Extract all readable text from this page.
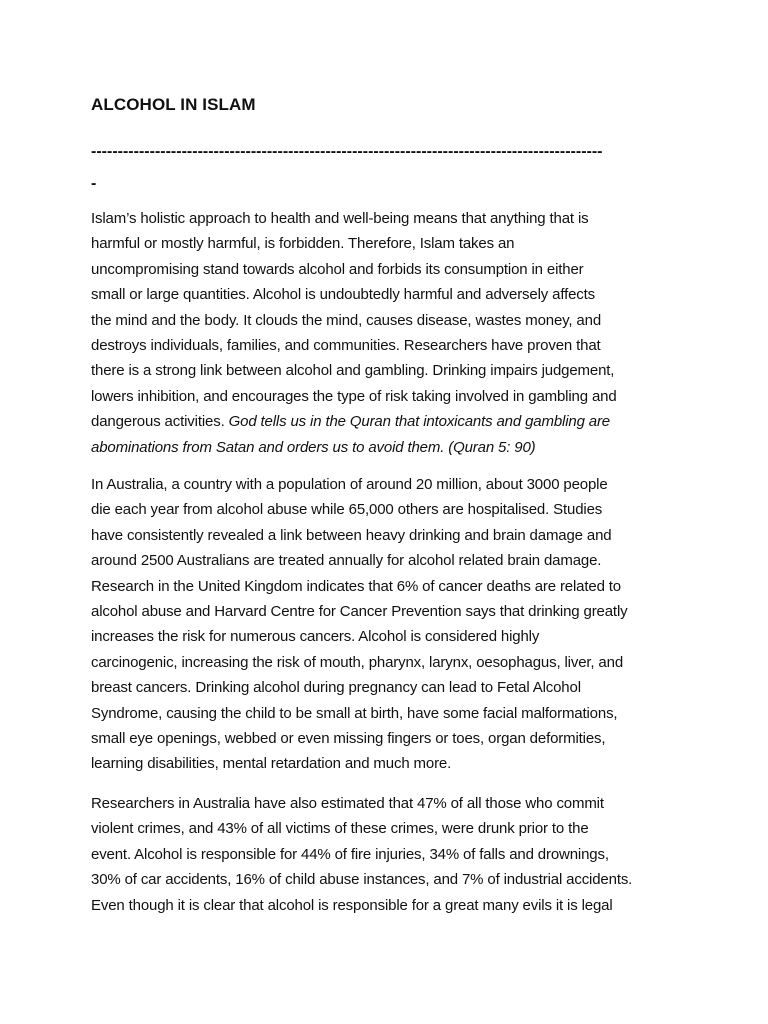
ALCOHOL IN ISLAM
------------------------------------------------------------------------------------------------
-

Islam’s holistic approach to health and well-being means that anything that is
harmful or mostly harmful, is forbidden. Therefore, Islam takes an
uncompromising stand towards alcohol and forbids its consumption in either
small or large quantities. Alcohol is undoubtedly harmful and adversely affects
the mind and the body. It clouds the mind, causes disease, wastes money, and
destroys individuals, families, and communities. Researchers have proven that
there is a strong link between alcohol and gambling. Drinking impairs judgement,
lowers inhibition, and encourages the type of risk taking involved in gambling and
dangerous activities. God tells us in the Quran that intoxicants and gambling are
abominations from Satan and orders us to avoid them. (Quran 5: 90)

In Australia, a country with a population of around 20 million, about 3000 people
die each year from alcohol abuse while 65,000 others are hospitalised. Studies
have consistently revealed a link between heavy drinking and brain damage and
around 2500 Australians are treated annually for alcohol related brain damage.
Research in the United Kingdom indicates that 6% of cancer deaths are related to
alcohol abuse and Harvard Centre for Cancer Prevention says that drinking greatly
increases the risk for numerous cancers. Alcohol is considered highly
carcinogenic, increasing the risk of mouth, pharynx, larynx, oesophagus, liver, and
breast cancers. Drinking alcohol during pregnancy can lead to Fetal Alcohol
Syndrome, causing the child to be small at birth, have some facial malformations,
small eye openings, webbed or even missing fingers or toes, organ deformities,
learning disabilities, mental retardation and much more.

Researchers in Australia have also estimated that 47% of all those who commit
violent crimes, and 43% of all victims of these crimes, were drunk prior to the
event. Alcohol is responsible for 44% of fire injuries, 34% of falls and drownings,
30% of car accidents, 16% of child abuse instances, and 7% of industrial accidents.
Even though it is clear that alcohol is responsible for a great many evils it is legal
